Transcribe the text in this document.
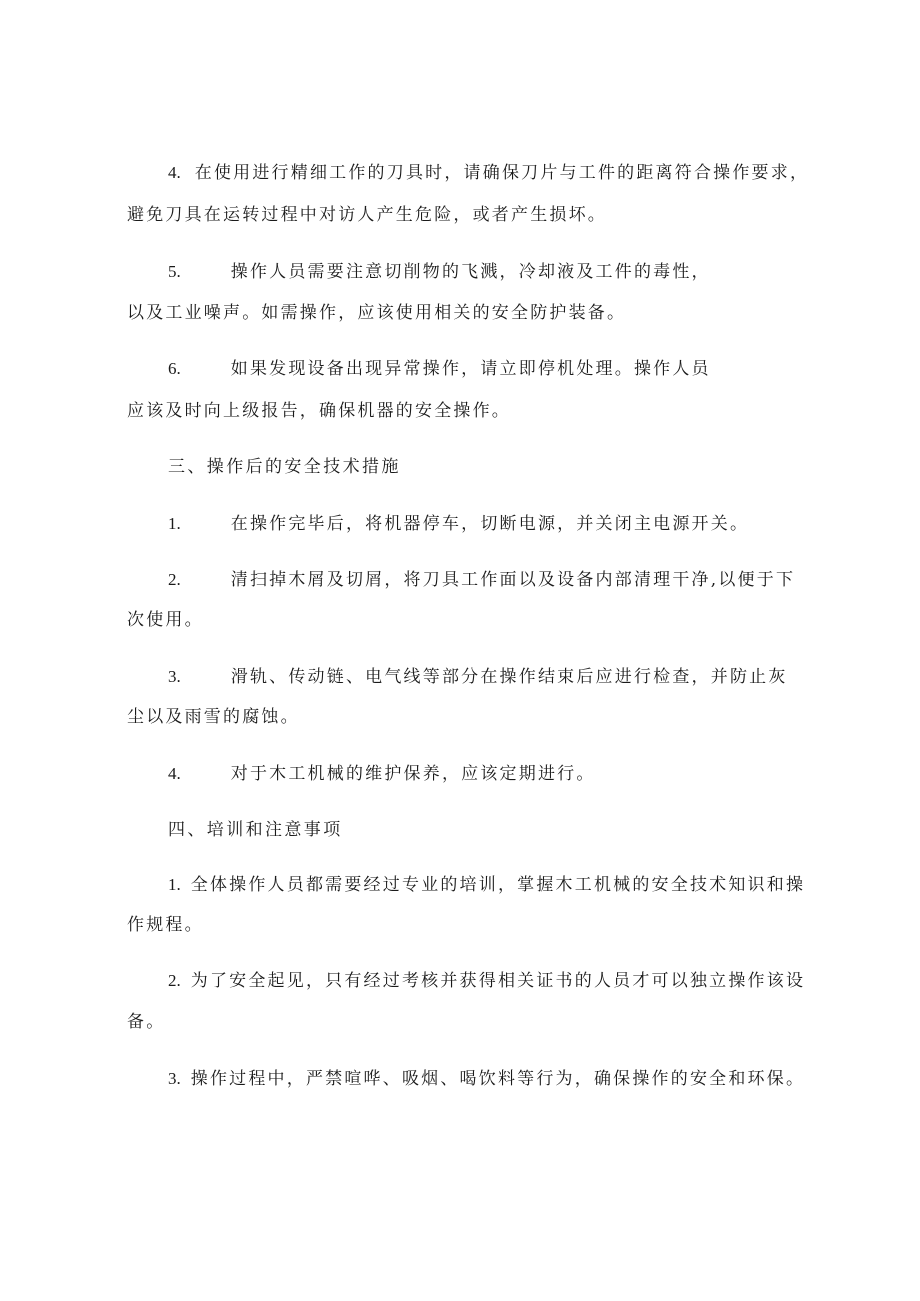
4. 在使用进行精细工作的刀具时，请确保刀片与工件的距离符合操作要求，
避免刀具在运转过程中对访人产生危险，或者产生损坏。
5.	操作人员需要注意切削物的飞溅，冷却液及工件的毒性，
以及工业噪声。如需操作，应该使用相关的安全防护装备。
6.	如果发现设备出现异常操作，请立即停机处理。操作人员
应该及时向上级报告，确保机器的安全操作。
三、操作后的安全技术措施
1.	在操作完毕后，将机器停车，切断电源，并关闭主电源开关。
2.	清扫掉木屑及切屑，将刀具工作面以及设备内部清理干净,以便于下
次使用。
3.	滑轨、传动链、电气线等部分在操作结束后应进行检查，并防止灰
尘以及雨雪的腐蚀。
4.	对于木工机械的维护保养，应该定期进行。
四、培训和注意事项
1. 全体操作人员都需要经过专业的培训，掌握木工机械的安全技术知识和操
作规程。
2. 为了安全起见，只有经过考核并获得相关证书的人员才可以独立操作该设
备。
3. 操作过程中，严禁喧哗、吸烟、喝饮料等行为，确保操作的安全和环保。
